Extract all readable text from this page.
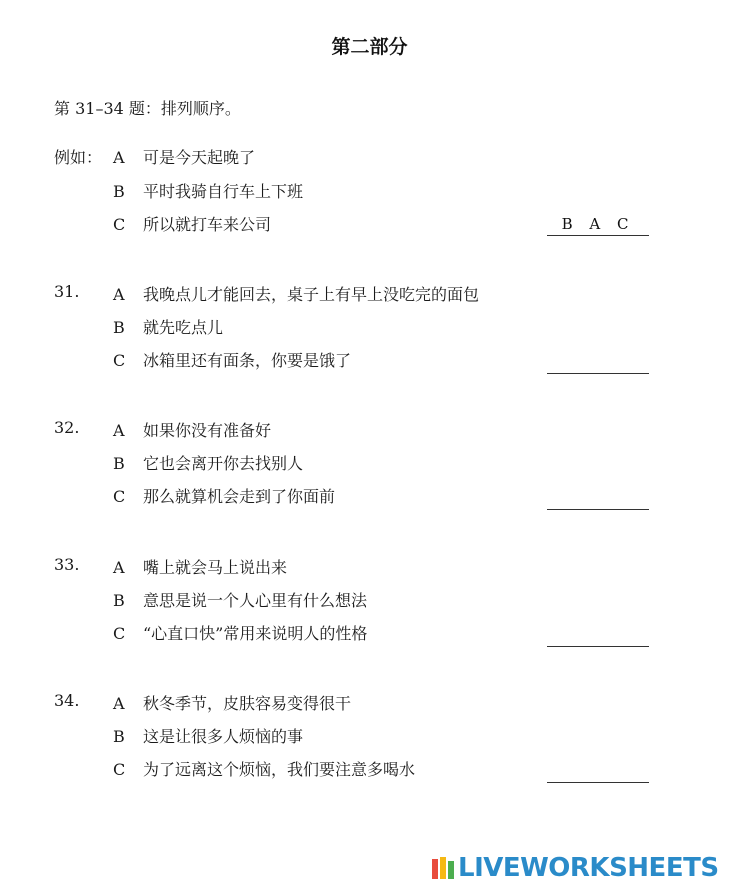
第二部分
第 31–34 题：排列顺序。
例如： A 可是今天起晚了
B 平时我骑自行车上下班
C 所以就打车来公司
B A C
31. A 我晚点儿才能回去，桌子上有早上没吃完的面包
B 就先吃点儿
C 冰箱里还有面条，你要是饿了
32. A 如果你没有准备好
B 它也会离开你去找别人
C 那么就算机会走到了你面前
33. A 嘴上就会马上说出来
B 意思是说一个人心里有什么想法
C “心直口快”常用来说明人的性格
34. A 秋冬季节，皮肤容易变得很干
B 这是让很多人烦恼的事
C 为了远离这个烦恼，我们要注意多喝水
LIVEWORKSHEETS
